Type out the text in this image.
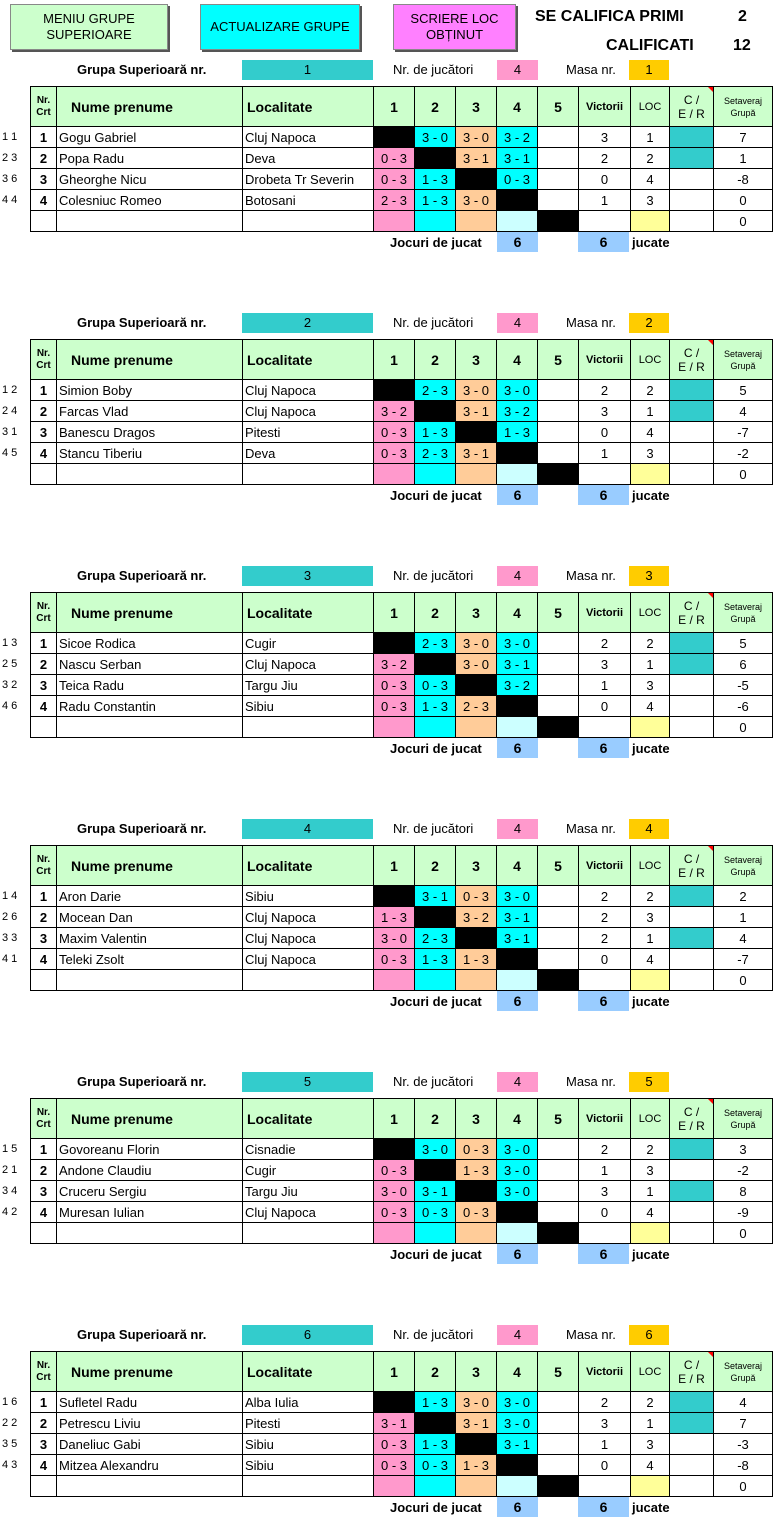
MENIU GRUPE SUPERIOARE
ACTUALIZARE GRUPE
SCRIERE LOC OBȚINUT
SE CALIFICA PRIMI	2
CALIFICATI 12
Grupa Superioară nr.	1	Nr. de jucători	4	Masa nr.	1
Nr.
Crt	Nume prenume	Localitate	1	2	3	4	5	Victorii	LOC	C /
E / R	Setaveraj
Grupă
1	Gogu Gabriel	Cluj Napoca		3 - 0	3 - 0	3 - 2		3	1		7
2	Popa Radu	Deva	0 - 3		3 - 1	3 - 1		2	2		1
3	Gheorghe Nicu	Drobeta Tr Severin	0 - 3	1 - 3		0 - 3		0	4		-8
4	Colesniuc Romeo	Botosani	2 - 3	1 - 3	3 - 0			1	3		0
											0
Jocuri de jucat	6	6	jucate
1 1
2 3
3 6
4 4
Grupa Superioară nr.	2	Nr. de jucători	4	Masa nr.	2
Nr.
Crt	Nume prenume	Localitate	1	2	3	4	5	Victorii	LOC	C /
E / R	Setaveraj
Grupă
1	Simion Boby	Cluj Napoca		2 - 3	3 - 0	3 - 0		2	2		5
2	Farcas Vlad	Cluj Napoca	3 - 2		3 - 1	3 - 2		3	1		4
3	Banescu Dragos	Pitesti	0 - 3	1 - 3		1 - 3		0	4		-7
4	Stancu Tiberiu	Deva	0 - 3	2 - 3	3 - 1			1	3		-2
											0
Jocuri de jucat	6	6	jucate
1 2
2 4
3 1
4 5
Grupa Superioară nr.	3	Nr. de jucători	4	Masa nr.	3
Nr.
Crt	Nume prenume	Localitate	1	2	3	4	5	Victorii	LOC	C /
E / R	Setaveraj
Grupă
1	Sicoe Rodica	Cugir		2 - 3	3 - 0	3 - 0		2	2		5
2	Nascu Serban	Cluj Napoca	3 - 2		3 - 0	3 - 1		3	1		6
3	Teica Radu	Targu Jiu	0 - 3	0 - 3		3 - 2		1	3		-5
4	Radu Constantin	Sibiu	0 - 3	1 - 3	2 - 3			0	4		-6
											0
Jocuri de jucat	6	6	jucate
1 3
2 5
3 2
4 6
Grupa Superioară nr.	4	Nr. de jucători	4	Masa nr.	4
Nr.
Crt	Nume prenume	Localitate	1	2	3	4	5	Victorii	LOC	C /
E / R	Setaveraj
Grupă
1	Aron Darie	Sibiu		3 - 1	0 - 3	3 - 0		2	2		2
2	Mocean Dan	Cluj Napoca	1 - 3		3 - 2	3 - 1		2	3		1
3	Maxim Valentin	Cluj Napoca	3 - 0	2 - 3		3 - 1		2	1		4
4	Teleki Zsolt	Cluj Napoca	0 - 3	1 - 3	1 - 3			0	4		-7
											0
Jocuri de jucat	6	6	jucate
1 4
2 6
3 3
4 1
Grupa Superioară nr.	5	Nr. de jucători	4	Masa nr.	5
Nr.
Crt	Nume prenume	Localitate	1	2	3	4	5	Victorii	LOC	C /
E / R	Setaveraj
Grupă
1	Govoreanu Florin	Cisnadie		3 - 0	0 - 3	3 - 0		2	2		3
2	Andone Claudiu	Cugir	0 - 3		1 - 3	3 - 0		1	3		-2
3	Cruceru Sergiu	Targu Jiu	3 - 0	3 - 1		3 - 0		3	1		8
4	Muresan Iulian	Cluj Napoca	0 - 3	0 - 3	0 - 3			0	4		-9
											0
Jocuri de jucat	6	6	jucate
1 5
2 1
3 4
4 2
Grupa Superioară nr.	6	Nr. de jucători	4	Masa nr.	6
Nr.
Crt	Nume prenume	Localitate	1	2	3	4	5	Victorii	LOC	C /
E / R	Setaveraj
Grupă
1	Sufletel Radu	Alba Iulia		1 - 3	3 - 0	3 - 0		2	2		4
2	Petrescu Liviu	Pitesti	3 - 1		3 - 1	3 - 0		3	1		7
3	Daneliuc Gabi	Sibiu	0 - 3	1 - 3		3 - 1		1	3		-3
4	Mitzea Alexandru	Sibiu	0 - 3	0 - 3	1 - 3			0	4		-8
											0
Jocuri de jucat	6	6	jucate
1 6
2 2
3 5
4 3
